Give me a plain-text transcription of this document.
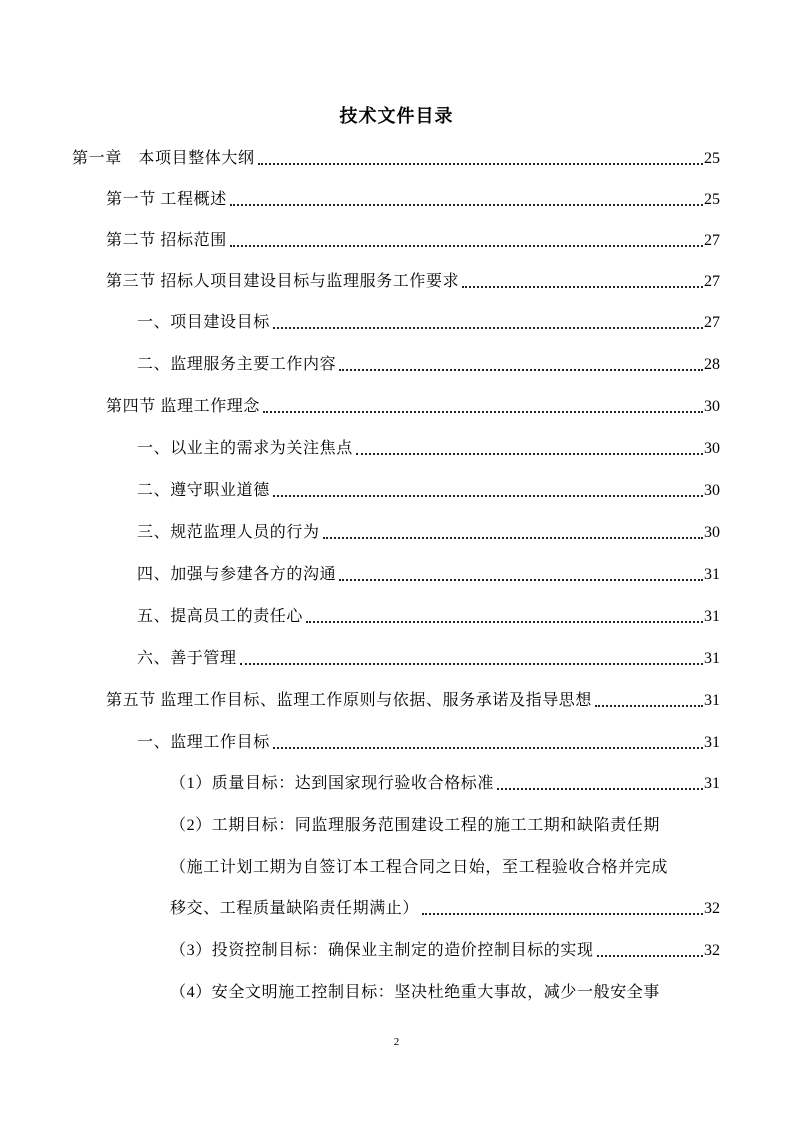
技术文件目录
第一章　本项目整体大纲	25
第一节 工程概述	25
第二节 招标范围	27
第三节 招标人项目建设目标与监理服务工作要求	27
一、项目建设目标	27
二、监理服务主要工作内容	28
第四节 监理工作理念	30
一、以业主的需求为关注焦点	30
二、遵守职业道德	30
三、规范监理人员的行为	30
四、加强与参建各方的沟通	31
五、提高员工的责任心	31
六、善于管理	31
第五节 监理工作目标、监理工作原则与依据、服务承诺及指导思想	31
一、监理工作目标	31
（1）质量目标：达到国家现行验收合格标准	31
（2）工期目标：同监理服务范围建设工程的施工工期和缺陷责任期
（施工计划工期为自签订本工程合同之日始，至工程验收合格并完成
移交、工程质量缺陷责任期满止）	32
（3）投资控制目标：确保业主制定的造价控制目标的实现	32
（4）安全文明施工控制目标：坚决杜绝重大事故，减少一般安全事
2
